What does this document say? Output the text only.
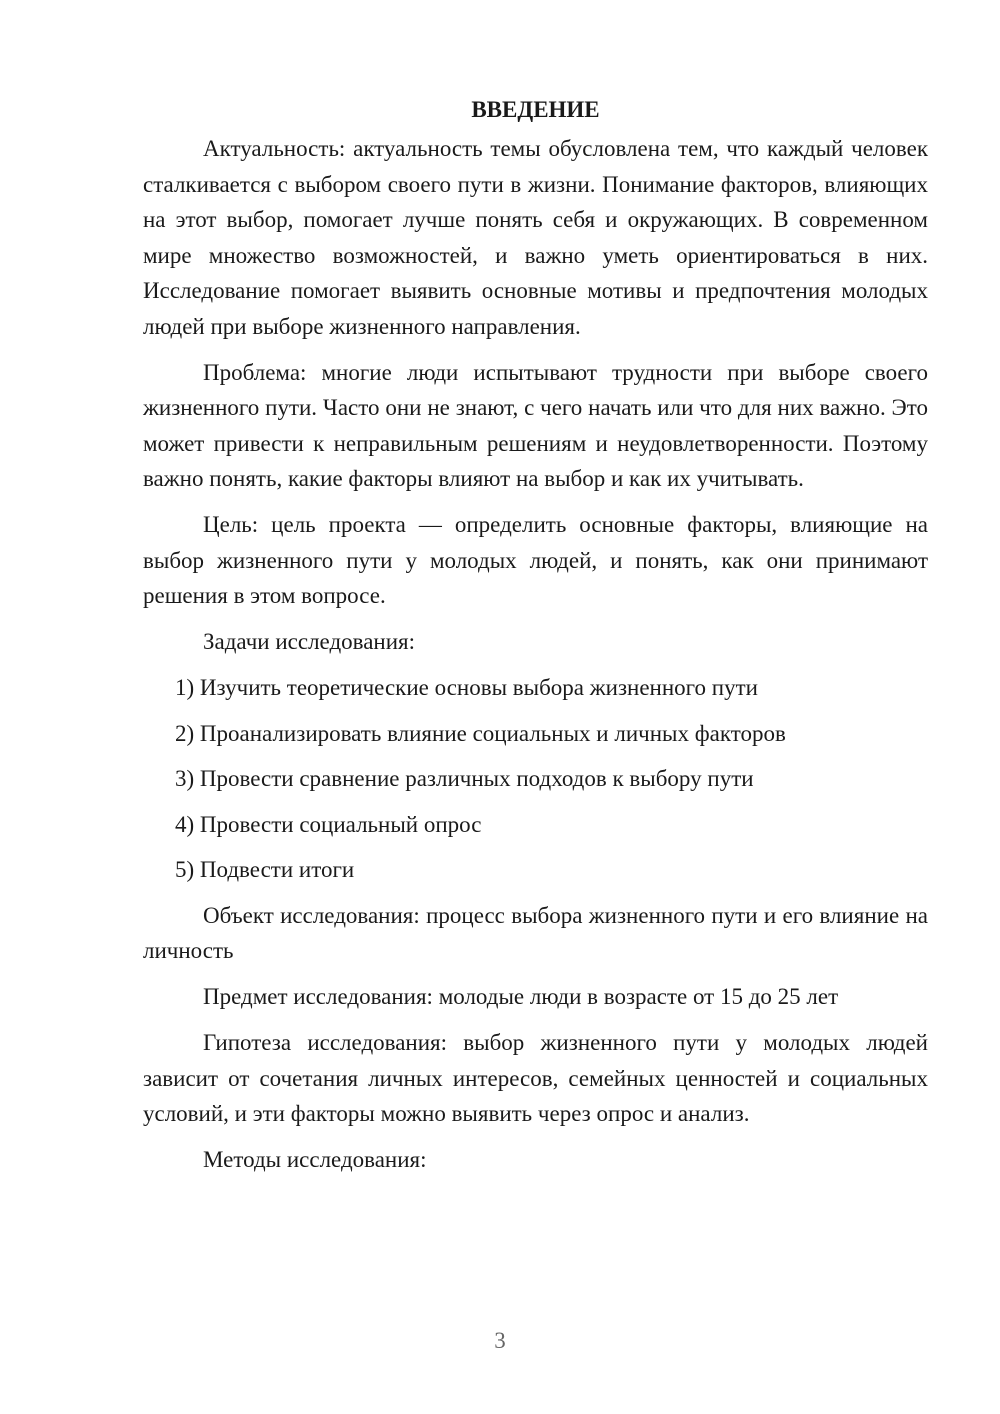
ВВЕДЕНИЕ

Актуальность: актуальность темы обусловлена тем, что каждый человек сталкивается с выбором своего пути в жизни. Понимание факторов, влияющих на этот выбор, помогает лучше понять себя и окружающих. В современном мире множество возможностей, и важно уметь ориентироваться в них. Исследование помогает выявить основные мотивы и предпочтения молодых людей при выборе жизненного направления.

Проблема: многие люди испытывают трудности при выборе своего жизненного пути. Часто они не знают, с чего начать или что для них важно. Это может привести к неправильным решениям и неудовлетворенности. Поэтому важно понять, какие факторы влияют на выбор и как их учитывать.

Цель: цель проекта — определить основные факторы, влияющие на выбор жизненного пути у молодых людей, и понять, как они принимают решения в этом вопросе.

Задачи исследования:

1) Изучить теоретические основы выбора жизненного пути
2) Проанализировать влияние социальных и личных факторов
3) Провести сравнение различных подходов к выбору пути
4) Провести социальный опрос
5) Подвести итоги

Объект исследования: процесс выбора жизненного пути и его влияние на личность

Предмет исследования: молодые люди в возрасте от 15 до 25 лет

Гипотеза исследования: выбор жизненного пути у молодых людей зависит от сочетания личных интересов, семейных ценностей и социальных условий, и эти факторы можно выявить через опрос и анализ.

Методы исследования:

3
